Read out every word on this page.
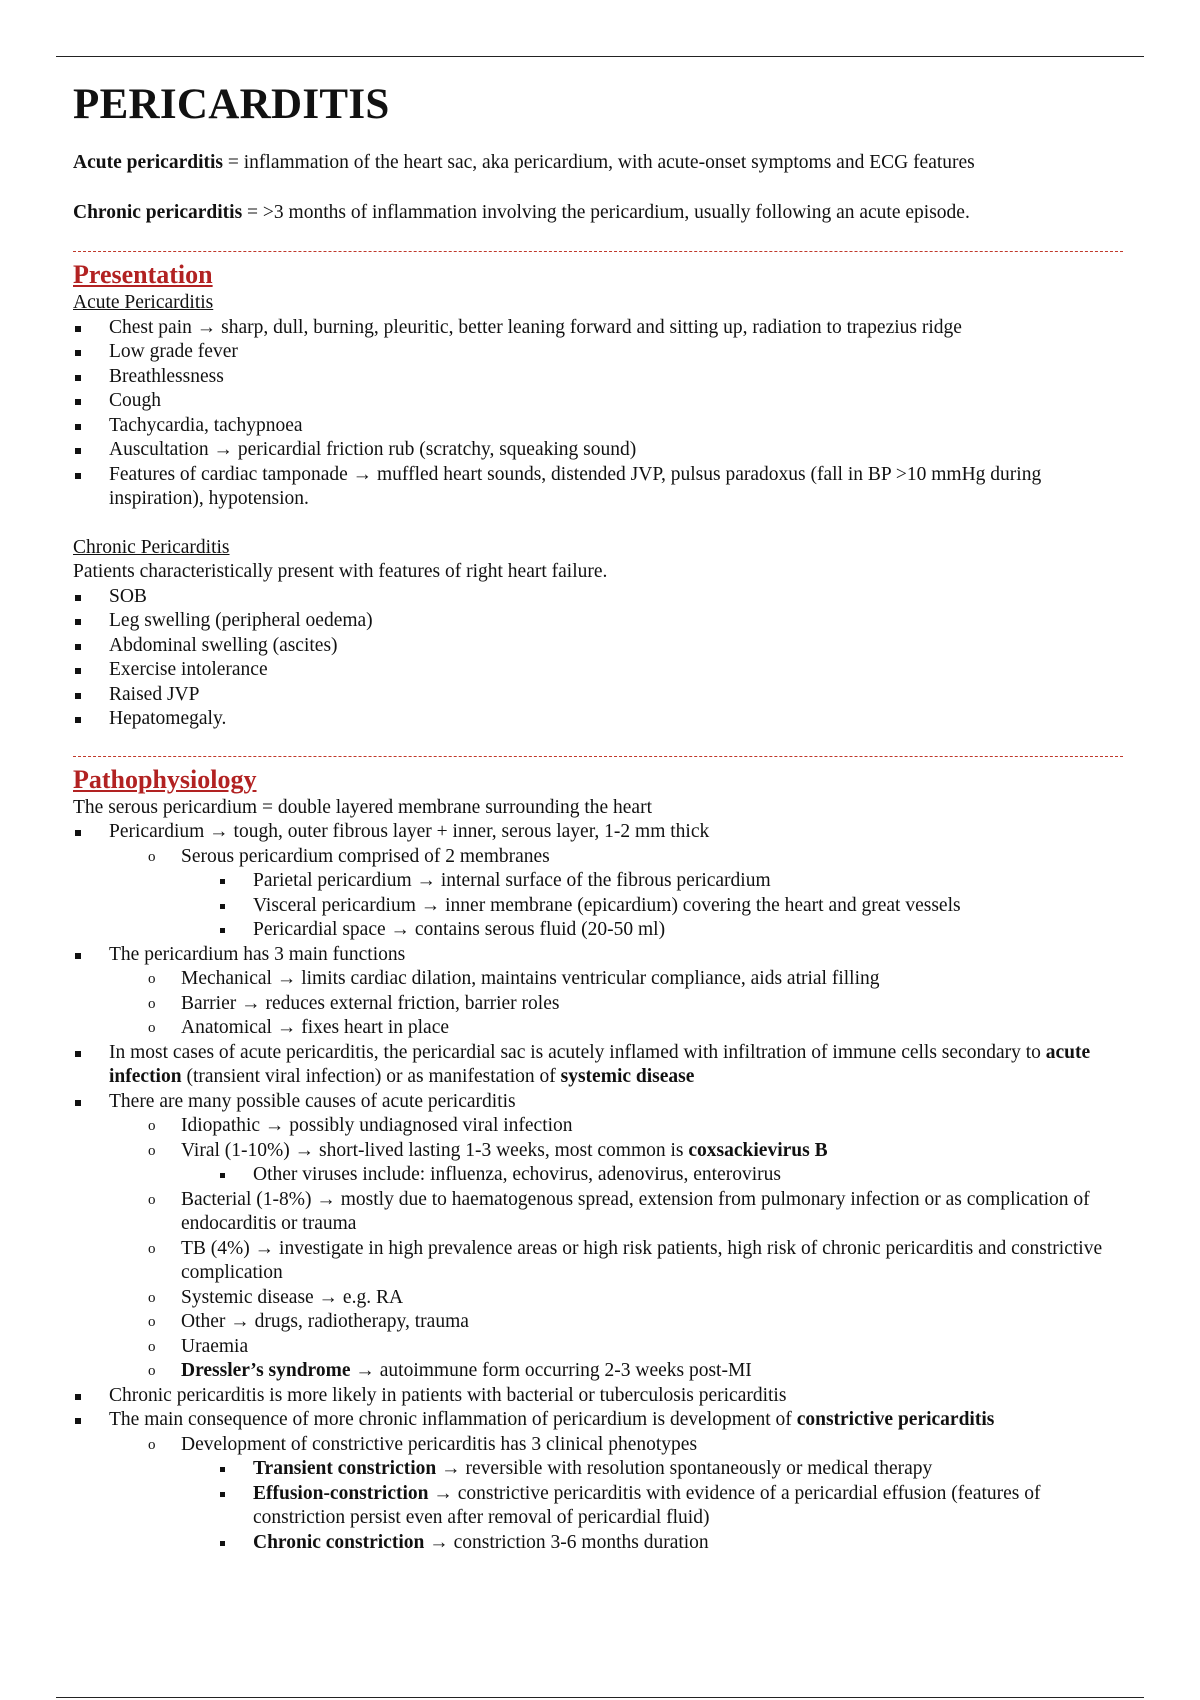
PERICARDITIS

Acute pericarditis = inflammation of the heart sac, aka pericardium, with acute-onset symptoms and ECG features

Chronic pericarditis = >3 months of inflammation involving the pericardium, usually following an acute episode.

Presentation
Acute Pericarditis
Chest pain → sharp, dull, burning, pleuritic, better leaning forward and sitting up, radiation to trapezius ridge
Low grade fever
Breathlessness
Cough
Tachycardia, tachypnoea
Auscultation → pericardial friction rub (scratchy, squeaking sound)
Features of cardiac tamponade → muffled heart sounds, distended JVP, pulsus paradoxus (fall in BP >10 mmHg during inspiration), hypotension.
Chronic Pericarditis
Patients characteristically present with features of right heart failure.
SOB
Leg swelling (peripheral oedema)
Abdominal swelling (ascites)
Exercise intolerance
Raised JVP
Hepatomegaly.
Pathophysiology
The serous pericardium = double layered membrane surrounding the heart
Pericardium → tough, outer fibrous layer + inner, serous layer, 1-2 mm thick
o Serous pericardium comprised of 2 membranes
Parietal pericardium → internal surface of the fibrous pericardium
Visceral pericardium → inner membrane (epicardium) covering the heart and great vessels
Pericardial space → contains serous fluid (20-50 ml)
The pericardium has 3 main functions
o Mechanical → limits cardiac dilation, maintains ventricular compliance, aids atrial filling
o Barrier → reduces external friction, barrier roles
o Anatomical → fixes heart in place
In most cases of acute pericarditis, the pericardial sac is acutely inflamed with infiltration of immune cells secondary to acute infection (transient viral infection) or as manifestation of systemic disease
There are many possible causes of acute pericarditis
o Idiopathic → possibly undiagnosed viral infection
o Viral (1-10%) → short-lived lasting 1-3 weeks, most common is coxsackievirus B
Other viruses include: influenza, echovirus, adenovirus, enterovirus
o Bacterial (1-8%) → mostly due to haematogenous spread, extension from pulmonary infection or as complication of endocarditis or trauma
o TB (4%) → investigate in high prevalence areas or high risk patients, high risk of chronic pericarditis and constrictive complication
o Systemic disease → e.g. RA
o Other → drugs, radiotherapy, trauma
o Uraemia
o Dressler’s syndrome → autoimmune form occurring 2-3 weeks post-MI
Chronic pericarditis is more likely in patients with bacterial or tuberculosis pericarditis
The main consequence of more chronic inflammation of pericardium is development of constrictive pericarditis
o Development of constrictive pericarditis has 3 clinical phenotypes
Transient constriction → reversible with resolution spontaneously or medical therapy
Effusion-constriction → constrictive pericarditis with evidence of a pericardial effusion (features of constriction persist even after removal of pericardial fluid)
Chronic constriction → constriction 3-6 months duration
